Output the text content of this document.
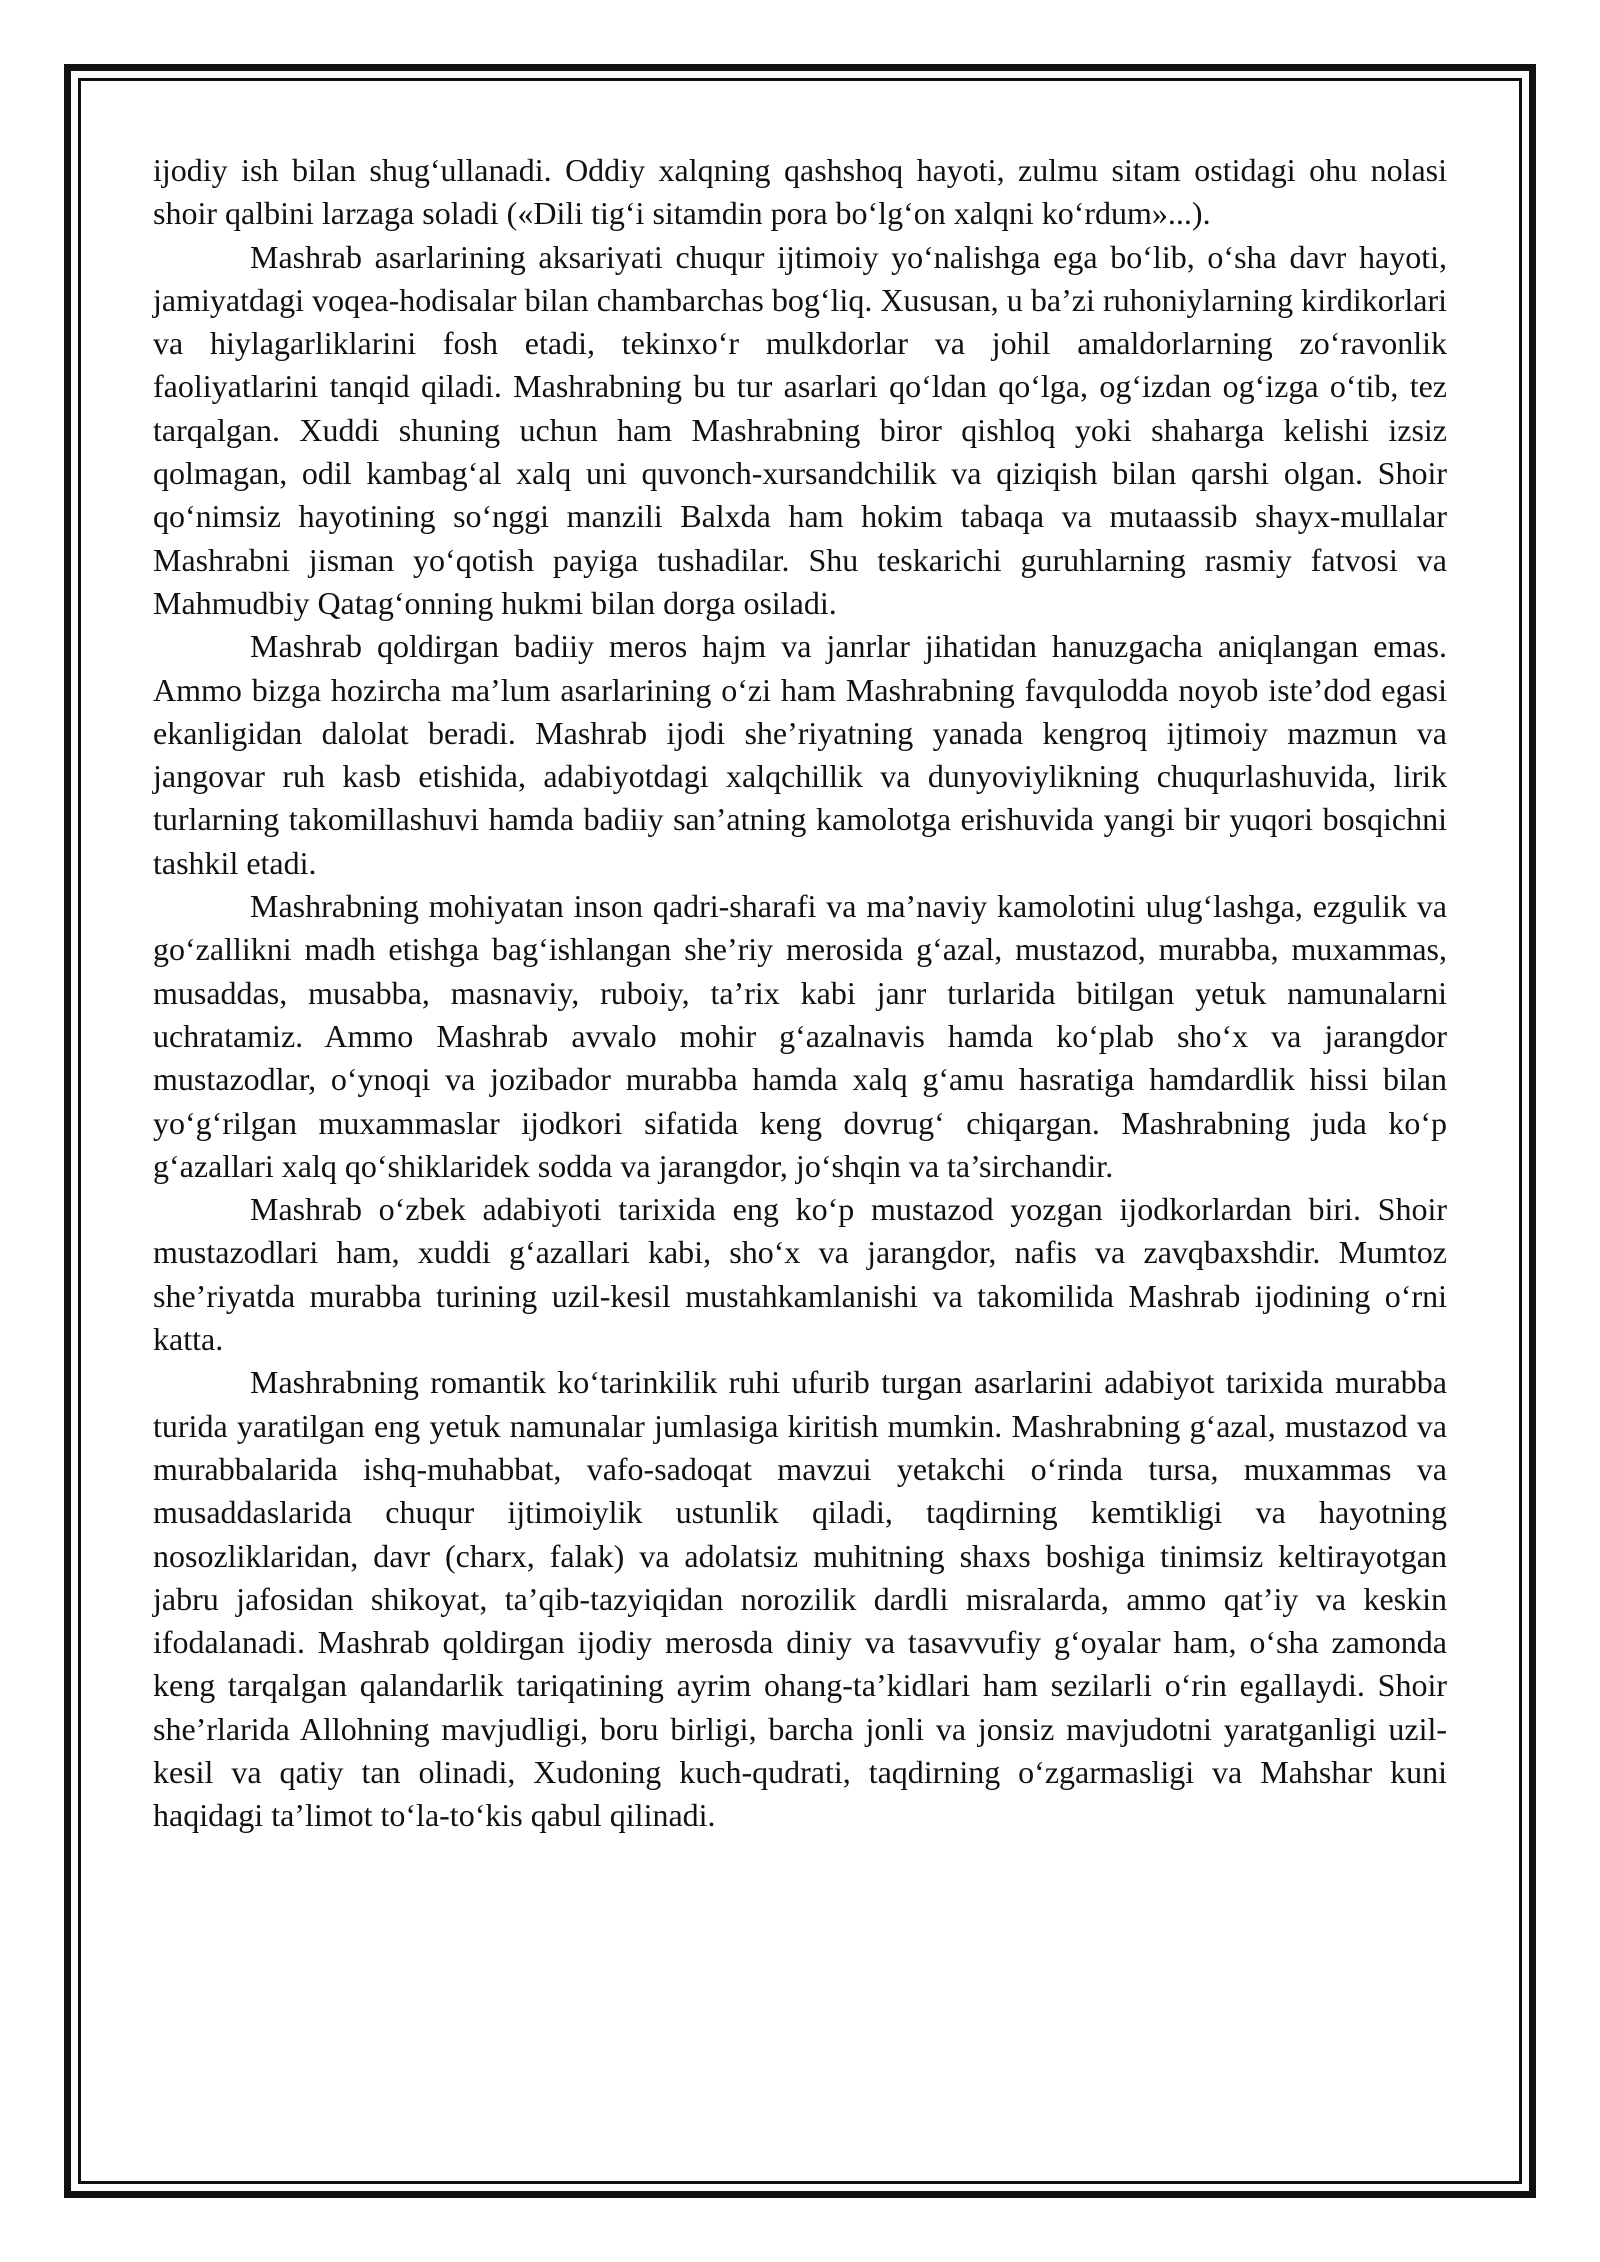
ijodiy ish bilan shug‘ullanadi. Oddiy xalqning qashshoq hayoti, zulmu sitam ostidagi ohu nolasi shoir qalbini larzaga soladi («Dili tig‘i sitamdin pora bo‘lg‘on xalqni ko‘rdum»...).

Mashrab asarlarining aksariyati chuqur ijtimoiy yo‘nalishga ega bo‘lib, o‘sha davr hayoti, jamiyatdagi voqea-hodisalar bilan chambarchas bog‘liq. Xususan, u ba’zi ruhoniylarning kirdikorlari va hiylagarliklarini fosh etadi, tekinxo‘r mulkdorlar va johil amaldorlarning zo‘ravonlik faoliyatlarini tanqid qiladi. Mashrabning bu tur asarlari qo‘ldan qo‘lga, og‘izdan og‘izga o‘tib, tez tarqalgan. Xuddi shuning uchun ham Mashrabning biror qishloq yoki shaharga kelishi izsiz qolmagan, odil kambag‘al xalq uni quvonch-xursandchilik va qiziqish bilan qarshi olgan. Shoir qo‘nimsiz hayotining so‘nggi manzili Balxda ham hokim tabaqa va mutaassib shayx-mullalar Mashrabni jisman yo‘qotish payiga tushadilar. Shu teskarichi guruhlarning rasmiy fatvosi va Mahmudbiy Qatag‘onning hukmi bilan dorga osiladi.

Mashrab qoldirgan badiiy meros hajm va janrlar jihatidan hanuzgacha aniqlangan emas. Ammo bizga hozircha ma’lum asarlarining o‘zi ham Mashrabning favqulodda noyob iste’dod egasi ekanligidan dalolat beradi. Mashrab ijodi she’riyatning yanada kengroq ijtimoiy mazmun va jangovar ruh kasb etishida, adabiyotdagi xalqchillik va dunyoviylikning chuqurlashuvida, lirik turlarning takomillashuvi hamda badiiy san’atning kamolotga erishuvida yangi bir yuqori bosqichni tashkil etadi.

Mashrabning mohiyatan inson qadri-sharafi va ma’naviy kamolotini ulug‘lashga, ezgulik va go‘zallikni madh etishga bag‘ishlangan she’riy merosida g‘azal, mustazod, murabba, muxammas, musaddas, musabba, masnaviy, ruboiy, ta’rix kabi janr turlarida bitilgan yetuk namunalarni uchratamiz. Ammo Mashrab avvalo mohir g‘azalnavis hamda ko‘plab sho‘x va jarangdor mustazodlar, o‘ynoqi va jozibador murabba hamda xalq g‘amu hasratiga hamdardlik hissi bilan yo‘g‘rilgan muxammaslar ijodkori sifatida keng dovrug‘ chiqargan. Mashrabning juda ko‘p g‘azallari xalq qo‘shiklaridek sodda va jarangdor, jo‘shqin va ta’sirchandir.

Mashrab o‘zbek adabiyoti tarixida eng ko‘p mustazod yozgan ijodkorlardan biri. Shoir mustazodlari ham, xuddi g‘azallari kabi, sho‘x va jarangdor, nafis va zavqbaxshdir. Mumtoz she’riyatda murabba turining uzil-kesil mustahkamlanishi va takomilida Mashrab ijodining o‘rni katta.

Mashrabning romantik ko‘tarinkilik ruhi ufurib turgan asarlarini adabiyot tarixida murabba turida yaratilgan eng yetuk namunalar jumlasiga kiritish mumkin. Mashrabning g‘azal, mustazod va murabbalarida ishq-muhabbat, vafo-sadoqat mavzui yetakchi o‘rinda tursa, muxammas va musaddaslarida chuqur ijtimoiylik ustunlik qiladi, taqdirning kemtikligi va hayotning nosozliklaridan, davr (charx, falak) va adolatsiz muhitning shaxs boshiga tinimsiz keltirayotgan jabru jafosidan shikoyat, ta’qib-tazyiqidan norozilik dardli misralarda, ammo qat’iy va keskin ifodalanadi. Mashrab qoldirgan ijodiy merosda diniy va tasavvufiy g‘oyalar ham, o‘sha zamonda keng tarqalgan qalandarlik tariqatining ayrim ohang-ta’kidlari ham sezilarli o‘rin egallaydi. Shoir she’rlarida Allohning mavjudligi, boru birligi, barcha jonli va jonsiz mavjudotni yaratganligi uzil-kesil va qatiy tan olinadi, Xudoning kuch-qudrati, taqdirning o‘zgarmasligi va Mahshar kuni haqidagi ta’limot to‘la-to‘kis qabul qilinadi.
